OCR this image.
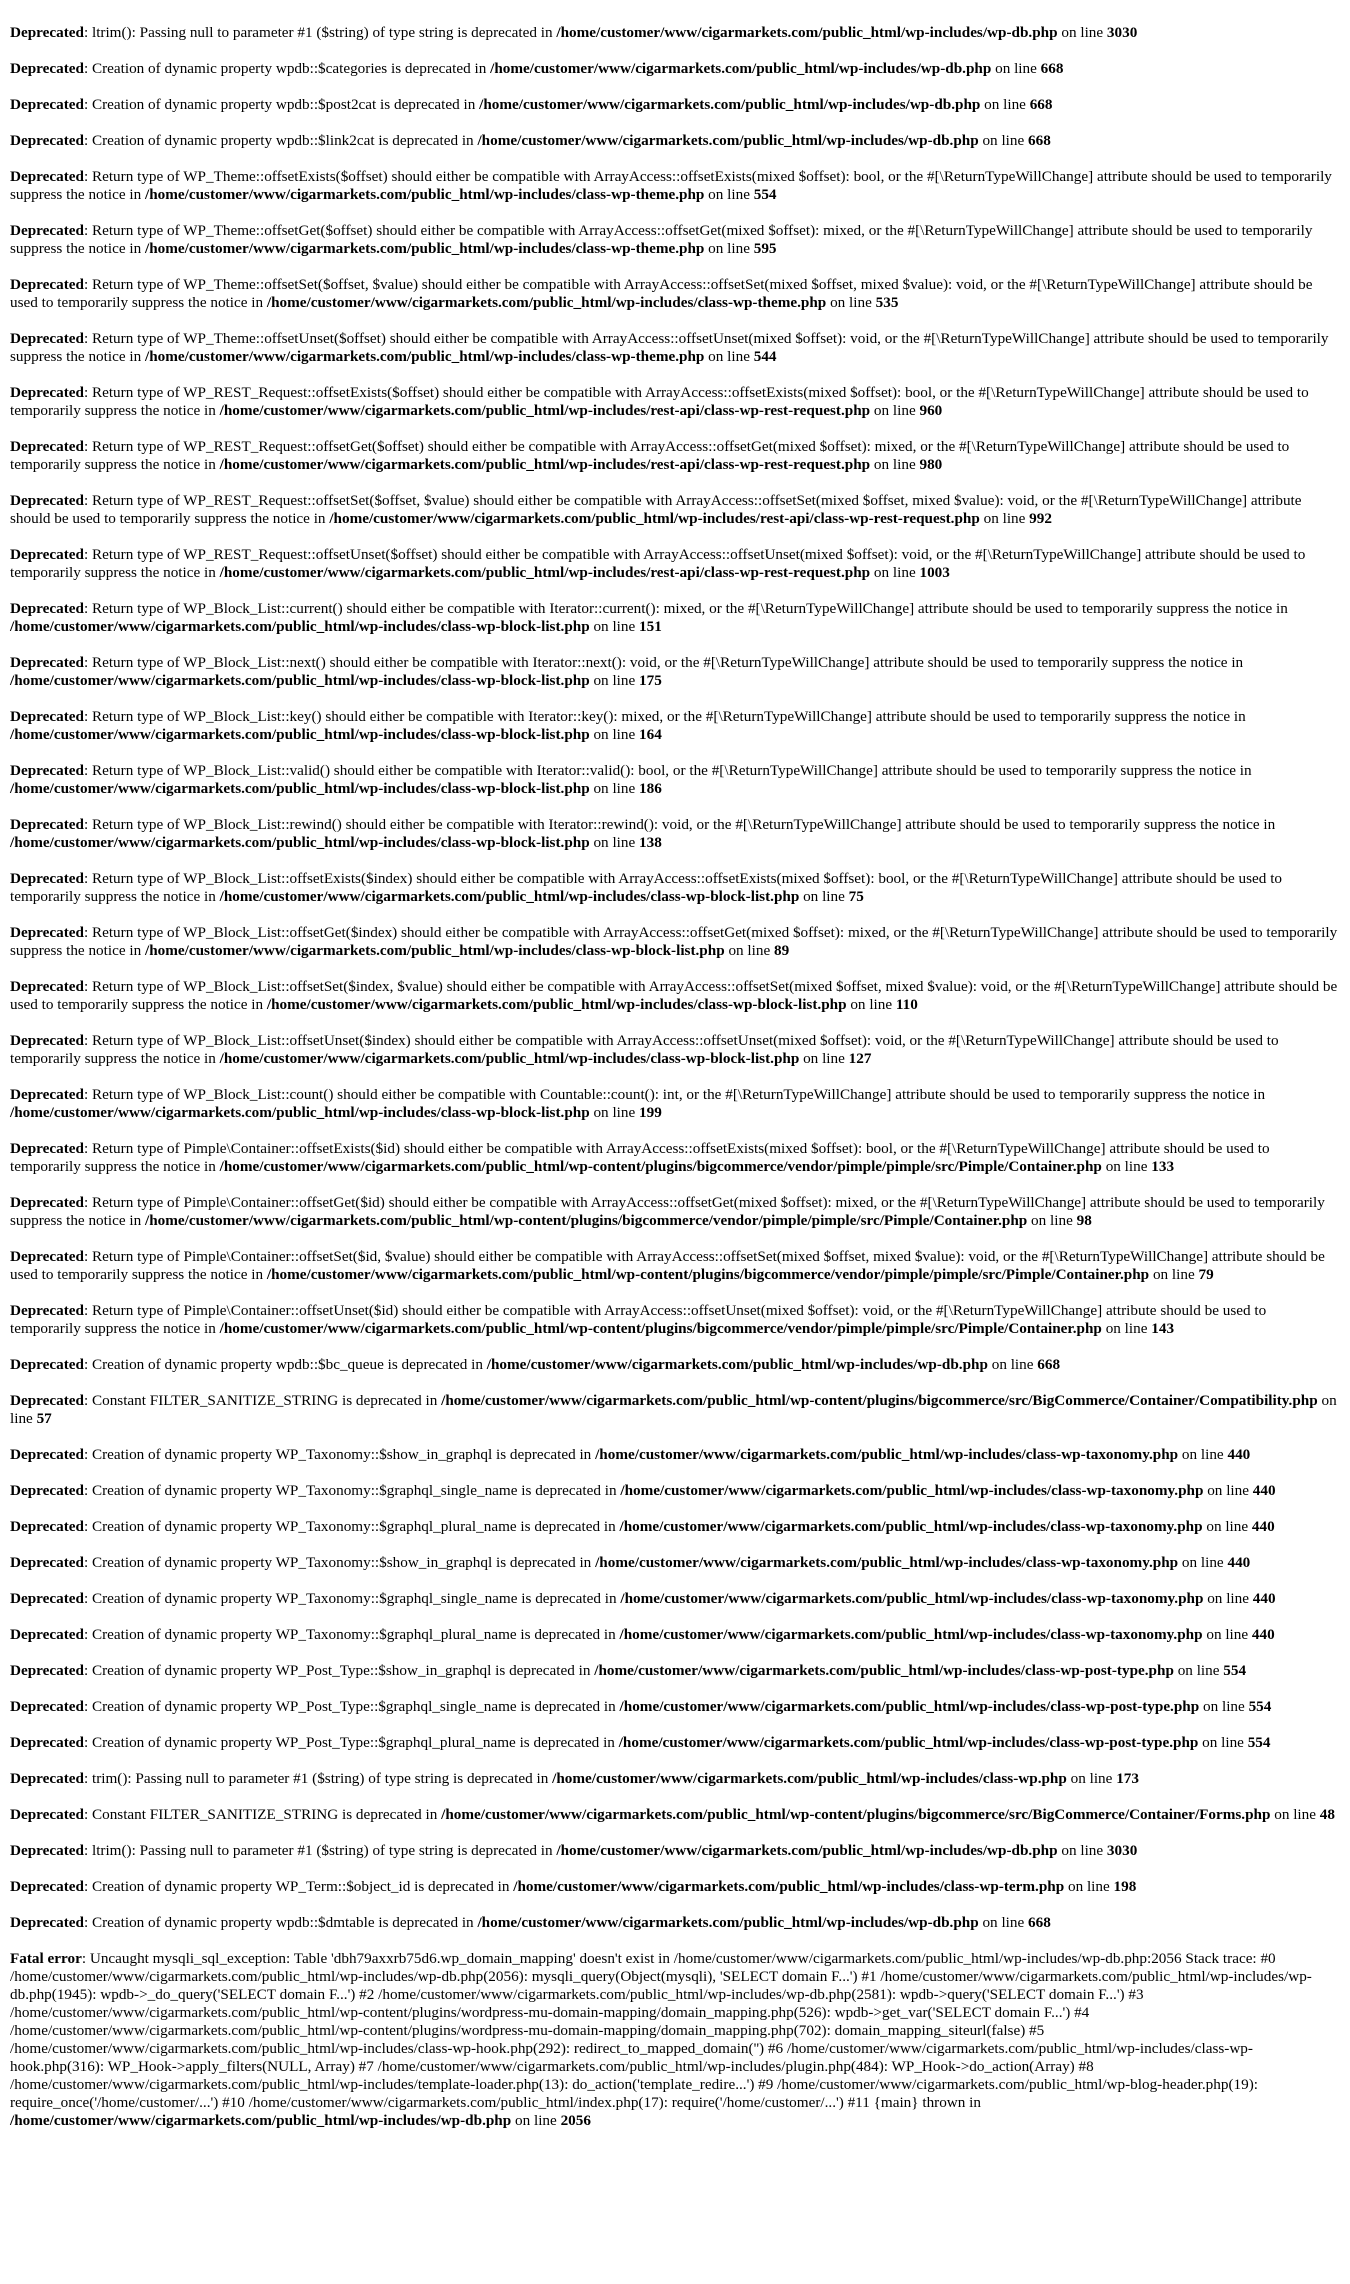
Deprecated: ltrim(): Passing null to parameter #1 ($string) of type string is deprecated in /home/customer/www/cigarmarkets.com/public_html/wp-includes/wp-db.php on line 3030

Deprecated: Creation of dynamic property wpdb::$categories is deprecated in /home/customer/www/cigarmarkets.com/public_html/wp-includes/wp-db.php on line 668

Deprecated: Creation of dynamic property wpdb::$post2cat is deprecated in /home/customer/www/cigarmarkets.com/public_html/wp-includes/wp-db.php on line 668

Deprecated: Creation of dynamic property wpdb::$link2cat is deprecated in /home/customer/www/cigarmarkets.com/public_html/wp-includes/wp-db.php on line 668

Deprecated: Return type of WP_Theme::offsetExists($offset) should either be compatible with ArrayAccess::offsetExists(mixed $offset): bool, or the #[\ReturnTypeWillChange] attribute should be used to temporarily suppress the notice in /home/customer/www/cigarmarkets.com/public_html/wp-includes/class-wp-theme.php on line 554

Deprecated: Return type of WP_Theme::offsetGet($offset) should either be compatible with ArrayAccess::offsetGet(mixed $offset): mixed, or the #[\ReturnTypeWillChange] attribute should be used to temporarily suppress the notice in /home/customer/www/cigarmarkets.com/public_html/wp-includes/class-wp-theme.php on line 595

Deprecated: Return type of WP_Theme::offsetSet($offset, $value) should either be compatible with ArrayAccess::offsetSet(mixed $offset, mixed $value): void, or the #[\ReturnTypeWillChange] attribute should be used to temporarily suppress the notice in /home/customer/www/cigarmarkets.com/public_html/wp-includes/class-wp-theme.php on line 535

Deprecated: Return type of WP_Theme::offsetUnset($offset) should either be compatible with ArrayAccess::offsetUnset(mixed $offset): void, or the #[\ReturnTypeWillChange] attribute should be used to temporarily suppress the notice in /home/customer/www/cigarmarkets.com/public_html/wp-includes/class-wp-theme.php on line 544

Deprecated: Return type of WP_REST_Request::offsetExists($offset) should either be compatible with ArrayAccess::offsetExists(mixed $offset): bool, or the #[\ReturnTypeWillChange] attribute should be used to temporarily suppress the notice in /home/customer/www/cigarmarkets.com/public_html/wp-includes/rest-api/class-wp-rest-request.php on line 960

Deprecated: Return type of WP_REST_Request::offsetGet($offset) should either be compatible with ArrayAccess::offsetGet(mixed $offset): mixed, or the #[\ReturnTypeWillChange] attribute should be used to temporarily suppress the notice in /home/customer/www/cigarmarkets.com/public_html/wp-includes/rest-api/class-wp-rest-request.php on line 980

Deprecated: Return type of WP_REST_Request::offsetSet($offset, $value) should either be compatible with ArrayAccess::offsetSet(mixed $offset, mixed $value): void, or the #[\ReturnTypeWillChange] attribute should be used to temporarily suppress the notice in /home/customer/www/cigarmarkets.com/public_html/wp-includes/rest-api/class-wp-rest-request.php on line 992

Deprecated: Return type of WP_REST_Request::offsetUnset($offset) should either be compatible with ArrayAccess::offsetUnset(mixed $offset): void, or the #[\ReturnTypeWillChange] attribute should be used to temporarily suppress the notice in /home/customer/www/cigarmarkets.com/public_html/wp-includes/rest-api/class-wp-rest-request.php on line 1003

Deprecated: Return type of WP_Block_List::current() should either be compatible with Iterator::current(): mixed, or the #[\ReturnTypeWillChange] attribute should be used to temporarily suppress the notice in /home/customer/www/cigarmarkets.com/public_html/wp-includes/class-wp-block-list.php on line 151

Deprecated: Return type of WP_Block_List::next() should either be compatible with Iterator::next(): void, or the #[\ReturnTypeWillChange] attribute should be used to temporarily suppress the notice in /home/customer/www/cigarmarkets.com/public_html/wp-includes/class-wp-block-list.php on line 175

Deprecated: Return type of WP_Block_List::key() should either be compatible with Iterator::key(): mixed, or the #[\ReturnTypeWillChange] attribute should be used to temporarily suppress the notice in /home/customer/www/cigarmarkets.com/public_html/wp-includes/class-wp-block-list.php on line 164

Deprecated: Return type of WP_Block_List::valid() should either be compatible with Iterator::valid(): bool, or the #[\ReturnTypeWillChange] attribute should be used to temporarily suppress the notice in /home/customer/www/cigarmarkets.com/public_html/wp-includes/class-wp-block-list.php on line 186

Deprecated: Return type of WP_Block_List::rewind() should either be compatible with Iterator::rewind(): void, or the #[\ReturnTypeWillChange] attribute should be used to temporarily suppress the notice in /home/customer/www/cigarmarkets.com/public_html/wp-includes/class-wp-block-list.php on line 138

Deprecated: Return type of WP_Block_List::offsetExists($index) should either be compatible with ArrayAccess::offsetExists(mixed $offset): bool, or the #[\ReturnTypeWillChange] attribute should be used to temporarily suppress the notice in /home/customer/www/cigarmarkets.com/public_html/wp-includes/class-wp-block-list.php on line 75

Deprecated: Return type of WP_Block_List::offsetGet($index) should either be compatible with ArrayAccess::offsetGet(mixed $offset): mixed, or the #[\ReturnTypeWillChange] attribute should be used to temporarily suppress the notice in /home/customer/www/cigarmarkets.com/public_html/wp-includes/class-wp-block-list.php on line 89

Deprecated: Return type of WP_Block_List::offsetSet($index, $value) should either be compatible with ArrayAccess::offsetSet(mixed $offset, mixed $value): void, or the #[\ReturnTypeWillChange] attribute should be used to temporarily suppress the notice in /home/customer/www/cigarmarkets.com/public_html/wp-includes/class-wp-block-list.php on line 110

Deprecated: Return type of WP_Block_List::offsetUnset($index) should either be compatible with ArrayAccess::offsetUnset(mixed $offset): void, or the #[\ReturnTypeWillChange] attribute should be used to temporarily suppress the notice in /home/customer/www/cigarmarkets.com/public_html/wp-includes/class-wp-block-list.php on line 127

Deprecated: Return type of WP_Block_List::count() should either be compatible with Countable::count(): int, or the #[\ReturnTypeWillChange] attribute should be used to temporarily suppress the notice in /home/customer/www/cigarmarkets.com/public_html/wp-includes/class-wp-block-list.php on line 199

Deprecated: Return type of Pimple\Container::offsetExists($id) should either be compatible with ArrayAccess::offsetExists(mixed $offset): bool, or the #[\ReturnTypeWillChange] attribute should be used to temporarily suppress the notice in /home/customer/www/cigarmarkets.com/public_html/wp-content/plugins/bigcommerce/vendor/pimple/pimple/src/Pimple/Container.php on line 133

Deprecated: Return type of Pimple\Container::offsetGet($id) should either be compatible with ArrayAccess::offsetGet(mixed $offset): mixed, or the #[\ReturnTypeWillChange] attribute should be used to temporarily suppress the notice in /home/customer/www/cigarmarkets.com/public_html/wp-content/plugins/bigcommerce/vendor/pimple/pimple/src/Pimple/Container.php on line 98

Deprecated: Return type of Pimple\Container::offsetSet($id, $value) should either be compatible with ArrayAccess::offsetSet(mixed $offset, mixed $value): void, or the #[\ReturnTypeWillChange] attribute should be used to temporarily suppress the notice in /home/customer/www/cigarmarkets.com/public_html/wp-content/plugins/bigcommerce/vendor/pimple/pimple/src/Pimple/Container.php on line 79

Deprecated: Return type of Pimple\Container::offsetUnset($id) should either be compatible with ArrayAccess::offsetUnset(mixed $offset): void, or the #[\ReturnTypeWillChange] attribute should be used to temporarily suppress the notice in /home/customer/www/cigarmarkets.com/public_html/wp-content/plugins/bigcommerce/vendor/pimple/pimple/src/Pimple/Container.php on line 143

Deprecated: Creation of dynamic property wpdb::$bc_queue is deprecated in /home/customer/www/cigarmarkets.com/public_html/wp-includes/wp-db.php on line 668

Deprecated: Constant FILTER_SANITIZE_STRING is deprecated in /home/customer/www/cigarmarkets.com/public_html/wp-content/plugins/bigcommerce/src/BigCommerce/Container/Compatibility.php on line 57

Deprecated: Creation of dynamic property WP_Taxonomy::$show_in_graphql is deprecated in /home/customer/www/cigarmarkets.com/public_html/wp-includes/class-wp-taxonomy.php on line 440

Deprecated: Creation of dynamic property WP_Taxonomy::$graphql_single_name is deprecated in /home/customer/www/cigarmarkets.com/public_html/wp-includes/class-wp-taxonomy.php on line 440

Deprecated: Creation of dynamic property WP_Taxonomy::$graphql_plural_name is deprecated in /home/customer/www/cigarmarkets.com/public_html/wp-includes/class-wp-taxonomy.php on line 440

Deprecated: Creation of dynamic property WP_Taxonomy::$show_in_graphql is deprecated in /home/customer/www/cigarmarkets.com/public_html/wp-includes/class-wp-taxonomy.php on line 440

Deprecated: Creation of dynamic property WP_Taxonomy::$graphql_single_name is deprecated in /home/customer/www/cigarmarkets.com/public_html/wp-includes/class-wp-taxonomy.php on line 440

Deprecated: Creation of dynamic property WP_Taxonomy::$graphql_plural_name is deprecated in /home/customer/www/cigarmarkets.com/public_html/wp-includes/class-wp-taxonomy.php on line 440

Deprecated: Creation of dynamic property WP_Post_Type::$show_in_graphql is deprecated in /home/customer/www/cigarmarkets.com/public_html/wp-includes/class-wp-post-type.php on line 554

Deprecated: Creation of dynamic property WP_Post_Type::$graphql_single_name is deprecated in /home/customer/www/cigarmarkets.com/public_html/wp-includes/class-wp-post-type.php on line 554

Deprecated: Creation of dynamic property WP_Post_Type::$graphql_plural_name is deprecated in /home/customer/www/cigarmarkets.com/public_html/wp-includes/class-wp-post-type.php on line 554

Deprecated: trim(): Passing null to parameter #1 ($string) of type string is deprecated in /home/customer/www/cigarmarkets.com/public_html/wp-includes/class-wp.php on line 173

Deprecated: Constant FILTER_SANITIZE_STRING is deprecated in /home/customer/www/cigarmarkets.com/public_html/wp-content/plugins/bigcommerce/src/BigCommerce/Container/Forms.php on line 48

Deprecated: ltrim(): Passing null to parameter #1 ($string) of type string is deprecated in /home/customer/www/cigarmarkets.com/public_html/wp-includes/wp-db.php on line 3030

Deprecated: Creation of dynamic property WP_Term::$object_id is deprecated in /home/customer/www/cigarmarkets.com/public_html/wp-includes/class-wp-term.php on line 198

Deprecated: Creation of dynamic property wpdb::$dmtable is deprecated in /home/customer/www/cigarmarkets.com/public_html/wp-includes/wp-db.php on line 668

Fatal error: Uncaught mysqli_sql_exception: Table 'dbh79axxrb75d6.wp_domain_mapping' doesn't exist in /home/customer/www/cigarmarkets.com/public_html/wp-includes/wp-db.php:2056 Stack trace: #0 /home/customer/www/cigarmarkets.com/public_html/wp-includes/wp-db.php(2056): mysqli_query(Object(mysqli), 'SELECT domain F...') #1 /home/customer/www/cigarmarkets.com/public_html/wp-includes/wp-db.php(1945): wpdb->_do_query('SELECT domain F...') #2 /home/customer/www/cigarmarkets.com/public_html/wp-includes/wp-db.php(2581): wpdb->query('SELECT domain F...') #3 /home/customer/www/cigarmarkets.com/public_html/wp-content/plugins/wordpress-mu-domain-mapping/domain_mapping.php(526): wpdb->get_var('SELECT domain F...') #4 /home/customer/www/cigarmarkets.com/public_html/wp-content/plugins/wordpress-mu-domain-mapping/domain_mapping.php(702): domain_mapping_siteurl(false) #5 /home/customer/www/cigarmarkets.com/public_html/wp-includes/class-wp-hook.php(292): redirect_to_mapped_domain('') #6 /home/customer/www/cigarmarkets.com/public_html/wp-includes/class-wp-hook.php(316): WP_Hook->apply_filters(NULL, Array) #7 /home/customer/www/cigarmarkets.com/public_html/wp-includes/plugin.php(484): WP_Hook->do_action(Array) #8 /home/customer/www/cigarmarkets.com/public_html/wp-includes/template-loader.php(13): do_action('template_redire...') #9 /home/customer/www/cigarmarkets.com/public_html/wp-blog-header.php(19): require_once('/home/customer/...') #10 /home/customer/www/cigarmarkets.com/public_html/index.php(17): require('/home/customer/...') #11 {main} thrown in /home/customer/www/cigarmarkets.com/public_html/wp-includes/wp-db.php on line 2056
